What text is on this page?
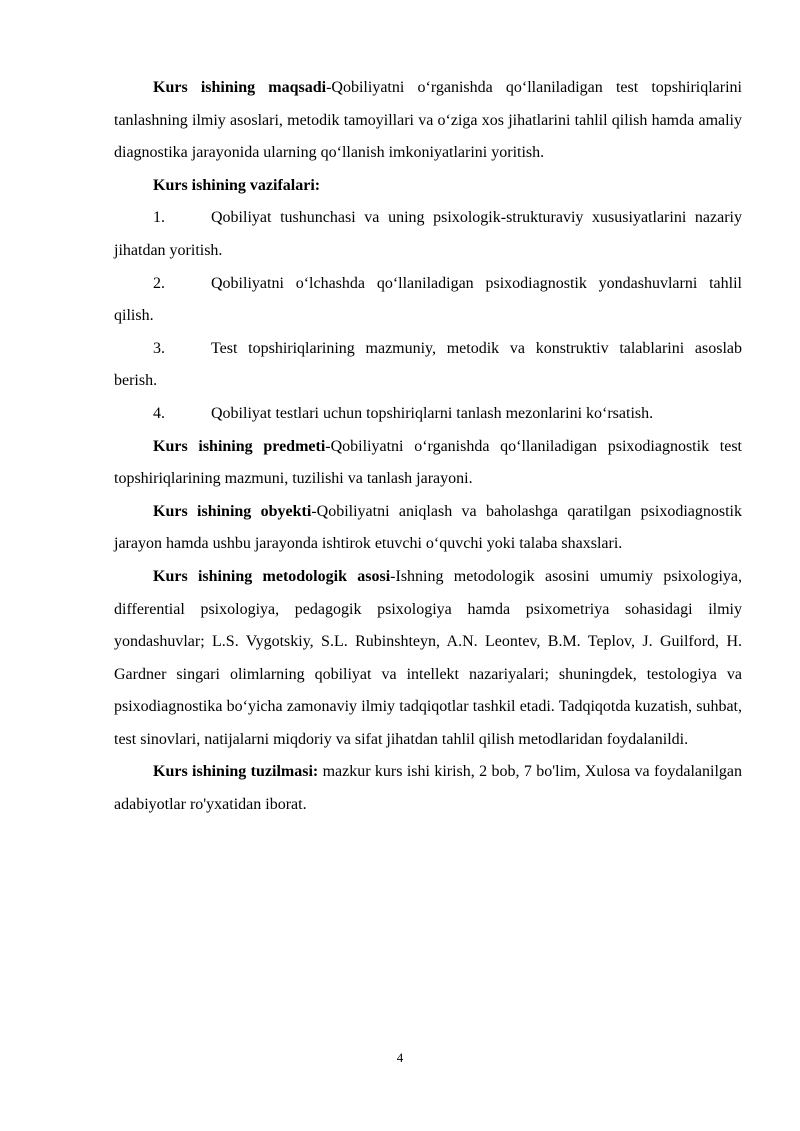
Kurs ishining maqsadi-Qobiliyatni o‘rganishda qo‘llaniladigan test topshiriqlarini tanlashning ilmiy asoslari, metodik tamoyillari va o‘ziga xos jihatlarini tahlil qilish hamda amaliy diagnostika jarayonida ularning qo‘llanish imkoniyatlarini yoritish.

Kurs ishining vazifalari:

1.	Qobiliyat tushunchasi va uning psixologik-strukturaviy xususiyatlarini nazariy jihatdan yoritish.

2.	Qobiliyatni o‘lchashda qo‘llaniladigan psixodiagnostik yondashuvlarni tahlil qilish.

3.	Test topshiriqlarining mazmuniy, metodik va konstruktiv talablarini asoslab berish.

4.	Qobiliyat testlari uchun topshiriqlarni tanlash mezonlarini ko‘rsatish.

Kurs ishining predmeti-Qobiliyatni o‘rganishda qo‘llaniladigan psixodiagnostik test topshiriqlarining mazmuni, tuzilishi va tanlash jarayoni.

Kurs ishining obyekti-Qobiliyatni aniqlash va baholashga qaratilgan psixodiagnostik jarayon hamda ushbu jarayonda ishtirok etuvchi o‘quvchi yoki talaba shaxslari.

Kurs ishining metodologik asosi-Ishning metodologik asosini umumiy psixologiya, differential psixologiya, pedagogik psixologiya hamda psixometriya sohasidagi ilmiy yondashuvlar; L.S. Vygotskiy, S.L. Rubinshteyn, A.N. Leontev, B.M. Teplov, J. Guilford, H. Gardner singari olimlarning qobiliyat va intellekt nazariyalari; shuningdek, testologiya va psixodiagnostika bo‘yicha zamonaviy ilmiy tadqiqotlar tashkil etadi. Tadqiqotda kuzatish, suhbat, test sinovlari, natijalarni miqdoriy va sifat jihatdan tahlil qilish metodlaridan foydalanildi.

Kurs ishining tuzilmasi: mazkur kurs ishi kirish, 2 bob, 7 bo'lim, Xulosa va foydalanilgan adabiyotlar ro'yxatidan iborat.

4
